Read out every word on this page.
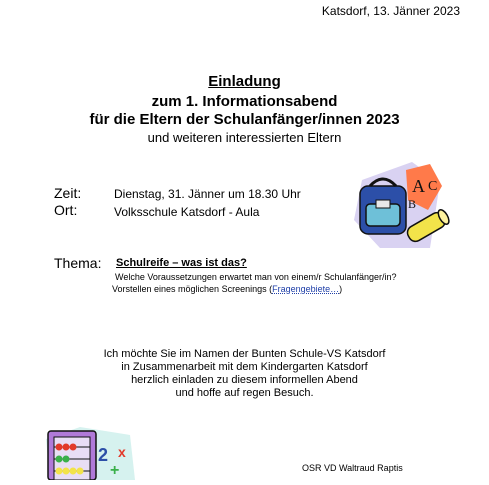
Katsdorf, 13. Jänner 2023
Einladung
zum 1. Informationsabend
für die Eltern der Schulanfänger/innen 2023
und weiteren interessierten Eltern
Zeit:	Dienstag, 31. Jänner um 18.30 Uhr
Ort:	Volksschule Katsdorf - Aula
Thema: Schulreife – was ist das?
Welche Voraussetzungen erwartet man von einem/r Schulanfänger/in?
Vorstellen eines möglichen Screenings (Fragengebiete…)
Ich möchte Sie im Namen der Bunten Schule-VS Katsdorf
in Zusammenarbeit mit dem Kindergarten Katsdorf
herzlich einladen zu diesem informellen Abend
und hoffe auf regen Besuch.
OSR VD Waltraud Raptis
A
B
C
2
+
x
